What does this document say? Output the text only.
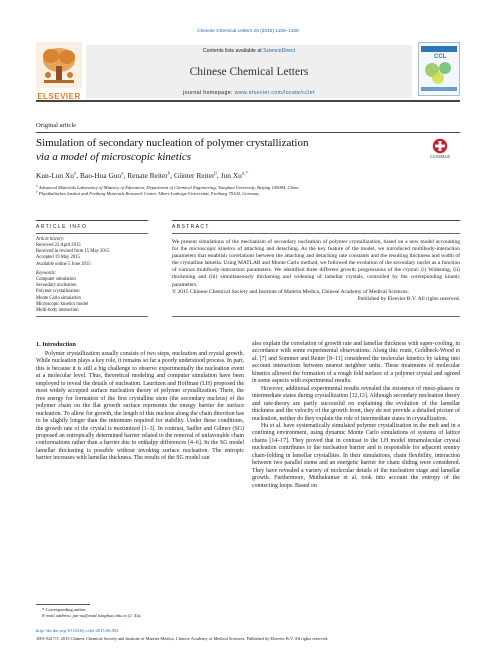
Chinese Chemical Letters 26 (2015) 1105–1108
ELSEVIER
Contents lists available at ScienceDirect
Chinese Chemical Letters
journal homepage: www.elsevier.com/locate/cclet
CCL
Original article
Simulation of secondary nucleation of polymer crystallization
via a model of microscopic kinetics	CrossMark
Kun-Lun Xu$^a$, Bao-Hua Guo$^a$, Renate Reiter$^b$, Günter Reiter$^b$, Jun $Xu^{a,*}$
$^a$ Advanced Materials Laboratory of Ministry of Education, Department of Chemical Engineering, Tsinghua University, Beijing 100084, China
$^b$ Physikalisches Institut and Freiburg Materials Research Center, Albert-Ludwigs-Universität, Freiburg 79104, Germany
ARTICLE INFO	ABSTRACT
Article history:
Received 22 April 2015
Received in revised form 15 May 2015
Accepted 19 May 2015
Available online 5 June 2015
Keywords:
Computer simulation
Secondary nucleation
Polymer crystallization
Monte Carlo simulation
Microscopic kinetics model
Multi-body interaction
We present simulations of the mechanism of secondary nucleation of polymer crystallization, based on a new model accounting for the microscopic kinetics of attaching and detaching. As the key feature of the model, we introduced multibody-interaction parameters that establish correlations between the attaching and detaching rate constants and the resulting thickness and width of the crystalline lamella. Using MATLAB and Monte Carlo method, we followed the evolution of the secondary nuclei as a function of various multibody-interaction parameters. We identified three different growth progressions of the crystal: (i) Widening, (ii) thickening and (iii) simultaneously thickening and widening of lamellar crystals, controlled by the corresponding kinetic parameters.
© 2015 Chinese Chemical Society and Institute of Materia Medica, Chinese Academy of Medical Sciences.
Published by Elsevier B.V. All rights reserved.
1. Introduction

Polymer crystallization usually consists of two steps, nucleation and crystal growth. While nucleation plays a key role, it remains so far a poorly understood process. In part, this is because it is still a big challenge to observe experimentally the nucleation event at a molecular level. Thus, theoretical modeling and computer simulation have been employed to reveal the details of nucleation. Lauritzen and Hoffman (LH) proposed the most widely accepted surface nucleation theory of polymer crystallization. There, the free energy for formation of the first crystalline stem (the secondary nucleus) of the polymer chain on the flat growth surface represents the energy barrier for surface nucleation. To allow for growth, the length of this nucleus along the chain direction has to be slightly longer than the minimum required for stability. Under these conditions, the growth rate of the crystal is maximized [1–3]. In contrast, Sadler and Gilmer (SG) proposed an entropically determined barrier related to the removal of unfavorable chain conformations rather than a barrier due to enthalpy differences [4–6]. In the SG model lamellar thickening is possible without invoking surface nucleation. The entropic barrier increases with lamellar thickness. The results of the SG model can

also explain the correlation of growth rate and lamellar thickness with super-cooling, in accordance with some experimental observations. Along this route, Goldbeck-Wood et al. [7] and Sommer and Reiter [8–11] considered the molecular kinetics by taking into account interactions between nearest neighbor units. These treatments of molecular kinetics allowed the formation of a rough fold surface of a polymer crystal and agreed in some aspects with experimental results.

However, additional experimental results revealed the existence of meso-phases or intermediate states during crystallization [12,13]. Although secondary nucleation theory and rate-theory are partly successful on explaining the evolution of the lamellar thickness and the velocity of the growth front, they do not provide a detailed picture of nucleation, neither do they explain the role of intermediate states in crystallization.

Hu et al. have systematically simulated polymer crystallization in the melt and in a confining environment, using dynamic Monte Carlo simulations of systems of lattice chains [14–17]. They proved that in contrast to the LH model intramolecular crystal nucleation contributes to the nucleation barrier and is responsible for adjacent reentry chain-folding in lamellar crystallites. In their simulations, chain flexibility, interaction between two parallel stems and an energetic barrier for chain sliding were considered. They have revealed a variety of molecular details of the nucleation stage and lamellar growth. Furthermore, Muthukumar et al. took into account the entropy of the connecting loops. Based on

* Corresponding author.
E-mail address: jun-xu@mail.tsinghua.edu.cn (J. Xu).
http://dx.doi.org/10.1016/j.cclet.2015.06.002
1001-8417/© 2015 Chinese Chemical Society and Institute of Materia Medica, Chinese Academy of Medical Sciences. Published by Elsevier B.V. All rights reserved.
